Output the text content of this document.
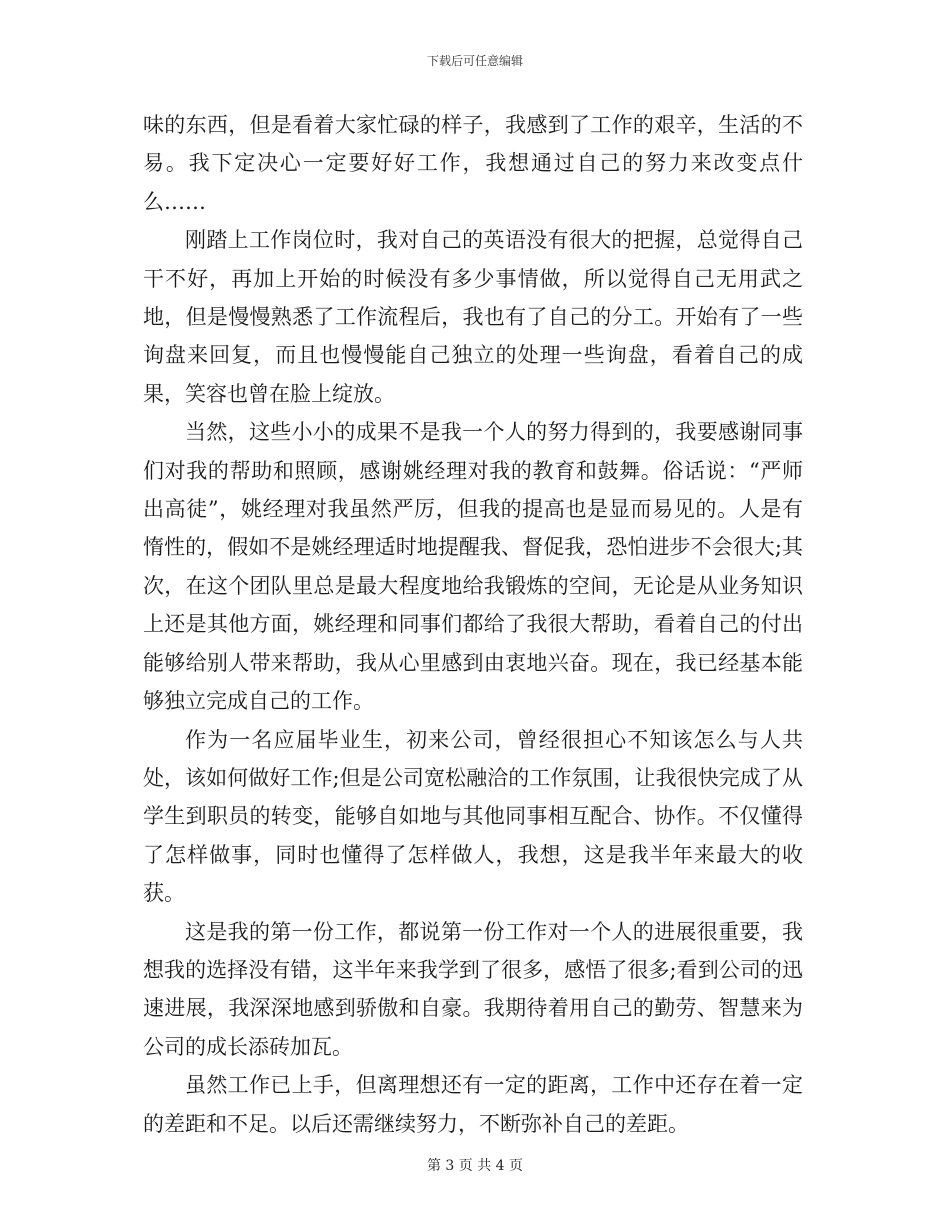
下载后可任意编辑

味的东西，但是看着大家忙碌的样子，我感到了工作的艰辛，生活的不易。我下定决心一定要好好工作，我想通过自己的努力来改变点什么……

刚踏上工作岗位时，我对自己的英语没有很大的把握，总觉得自己干不好，再加上开始的时候没有多少事情做，所以觉得自己无用武之地，但是慢慢熟悉了工作流程后，我也有了自己的分工。开始有了一些询盘来回复，而且也慢慢能自己独立的处理一些询盘，看着自己的成果，笑容也曾在脸上绽放。

当然，这些小小的成果不是我一个人的努力得到的，我要感谢同事们对我的帮助和照顾，感谢姚经理对我的教育和鼓舞。俗话说：“严师出高徒”，姚经理对我虽然严厉，但我的提高也是显而易见的。人是有惰性的，假如不是姚经理适时地提醒我、督促我，恐怕进步不会很大;其次，在这个团队里总是最大程度地给我锻炼的空间，无论是从业务知识上还是其他方面，姚经理和同事们都给了我很大帮助，看着自己的付出能够给别人带来帮助，我从心里感到由衷地兴奋。现在，我已经基本能够独立完成自己的工作。

作为一名应届毕业生，初来公司，曾经很担心不知该怎么与人共处，该如何做好工作;但是公司宽松融洽的工作氛围，让我很快完成了从学生到职员的转变，能够自如地与其他同事相互配合、协作。不仅懂得了怎样做事，同时也懂得了怎样做人，我想，这是我半年来最大的收获。

这是我的第一份工作，都说第一份工作对一个人的进展很重要，我想我的选择没有错，这半年来我学到了很多，感悟了很多;看到公司的迅速进展，我深深地感到骄傲和自豪。我期待着用自己的勤劳、智慧来为公司的成长添砖加瓦。

虽然工作已上手，但离理想还有一定的距离，工作中还存在着一定的差距和不足。以后还需继续努力，不断弥补自己的差距。

第 3 页 共 4 页
